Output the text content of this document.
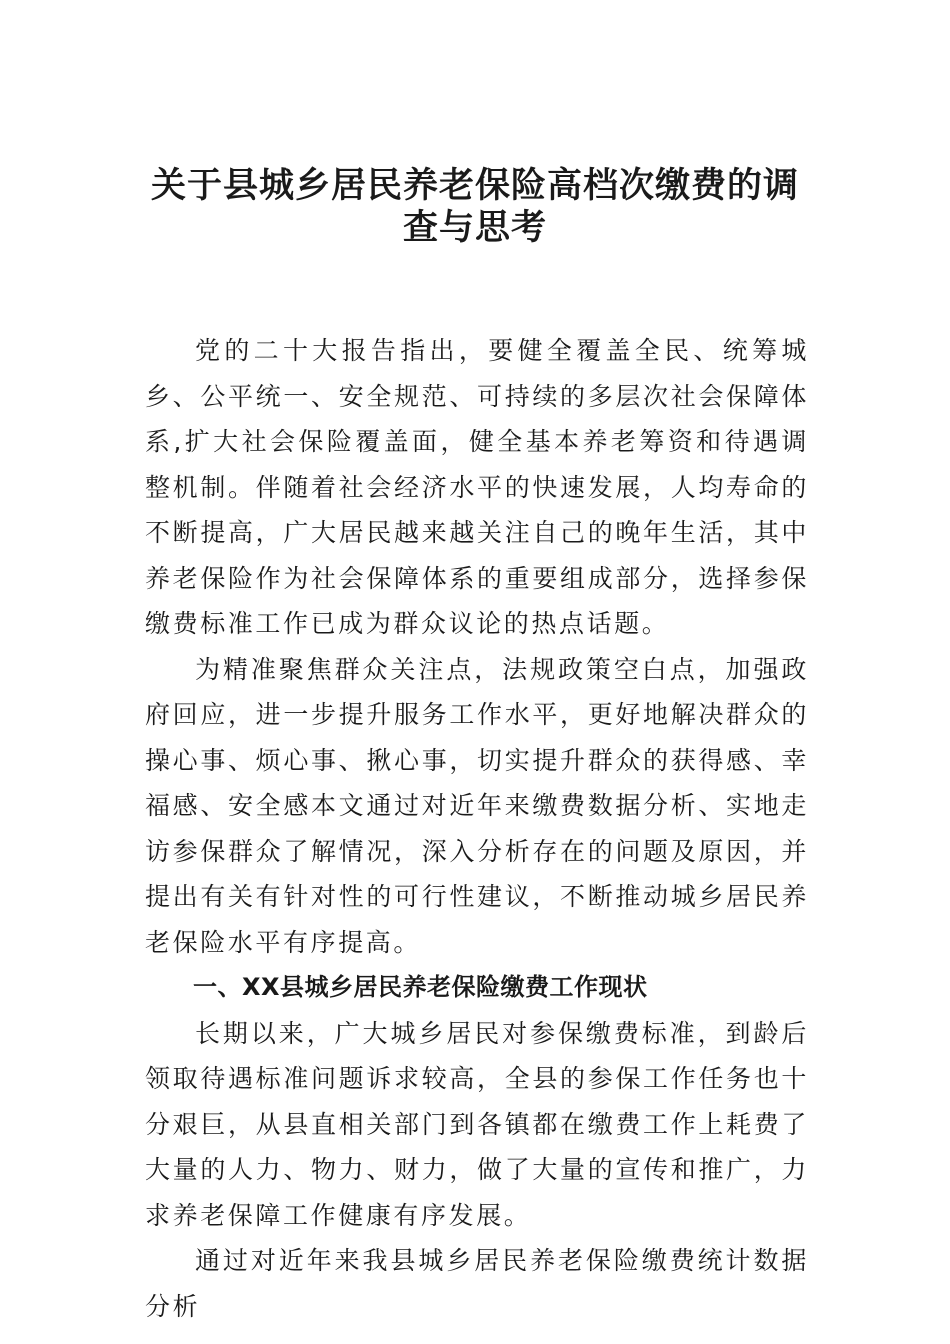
关于县城乡居民养老保险高档次缴费的调
查与思考

党的二十大报告指出，要健全覆盖全民、统筹城乡、公平统一、安全规范、可持续的多层次社会保障体系,扩大社会保险覆盖面，健全基本养老筹资和待遇调整机制。伴随着社会经济水平的快速发展，人均寿命的不断提高，广大居民越来越关注自己的晚年生活，其中养老保险作为社会保障体系的重要组成部分，选择参保缴费标准工作已成为群众议论的热点话题。

为精准聚焦群众关注点，法规政策空白点，加强政府回应，进一步提升服务工作水平，更好地解决群众的操心事、烦心事、揪心事，切实提升群众的获得感、幸福感、安全感本文通过对近年来缴费数据分析、实地走访参保群众了解情况，深入分析存在的问题及原因，并提出有关有针对性的可行性建议，不断推动城乡居民养老保险水平有序提高。

一、XX县城乡居民养老保险缴费工作现状

长期以来，广大城乡居民对参保缴费标准，到龄后领取待遇标准问题诉求较高，全县的参保工作任务也十分艰巨，从县直相关部门到各镇都在缴费工作上耗费了大量的人力、物力、财力，做了大量的宣传和推广，力求养老保障工作健康有序发展。

通过对近年来我县城乡居民养老保险缴费统计数据分析
